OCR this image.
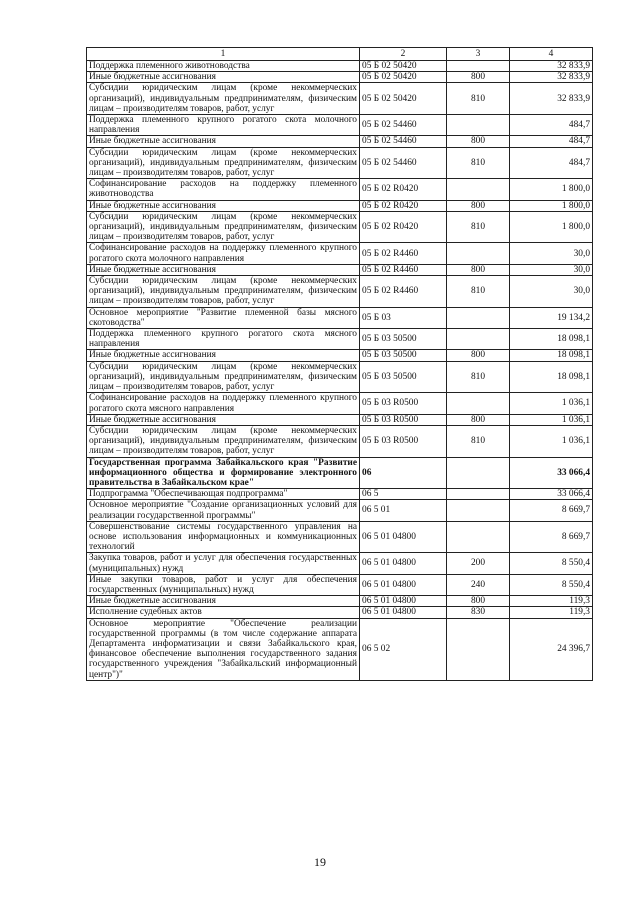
1	2	3	4
Поддержка племенного животноводства	05 Б 02 50420		32 833,9
Иные бюджетные ассигнования	05 Б 02 50420	800	32 833,9
Субсидии юридическим лицам (кроме некоммерческих организаций), индивидуальным предпринимателям, физическим лицам – производителям товаров, работ, услуг	05 Б 02 50420	810	32 833,9
Поддержка племенного крупного рогатого скота молочного направления	05 Б 02 54460		484,7
Иные бюджетные ассигнования	05 Б 02 54460	800	484,7
Субсидии юридическим лицам (кроме некоммерческих организаций), индивидуальным предпринимателям, физическим лицам – производителям товаров, работ, услуг	05 Б 02 54460	810	484,7
Софинансирование расходов на поддержку племенного животноводства	05 Б 02 R0420		1 800,0
Иные бюджетные ассигнования	05 Б 02 R0420	800	1 800,0
Субсидии юридическим лицам (кроме некоммерческих организаций), индивидуальным предпринимателям, физическим лицам – производителям товаров, работ, услуг	05 Б 02 R0420	810	1 800,0
Софинансирование расходов на поддержку племенного крупного рогатого скота молочного направления	05 Б 02 R4460		30,0
Иные бюджетные ассигнования	05 Б 02 R4460	800	30,0
Субсидии юридическим лицам (кроме некоммерческих организаций), индивидуальным предпринимателям, физическим лицам – производителям товаров, работ, услуг	05 Б 02 R4460	810	30,0
Основное мероприятие "Развитие племенной базы мясного скотоводства"	05 Б 03		19 134,2
Поддержка племенного крупного рогатого скота мясного направления	05 Б 03 50500		18 098,1
Иные бюджетные ассигнования	05 Б 03 50500	800	18 098,1
Субсидии юридическим лицам (кроме некоммерческих организаций), индивидуальным предпринимателям, физическим лицам – производителям товаров, работ, услуг	05 Б 03 50500	810	18 098,1
Софинансирование расходов на поддержку племенного крупного рогатого скота мясного направления	05 Б 03 R0500		1 036,1
Иные бюджетные ассигнования	05 Б 03 R0500	800	1 036,1
Субсидии юридическим лицам (кроме некоммерческих организаций), индивидуальным предпринимателям, физическим лицам – производителям товаров, работ, услуг	05 Б 03 R0500	810	1 036,1
Государственная программа Забайкальского края "Развитие информационного общества и формирование электронного правительства в Забайкальском крае"	06		33 066,4
Подпрограмма "Обеспечивающая подпрограмма"	06 5		33 066,4
Основное мероприятие "Создание организационных условий для реализации государственной программы"	06 5 01		8 669,7
Совершенствование системы государственного управления на основе использования информационных и коммуникационных технологий	06 5 01 04800		8 669,7
Закупка товаров, работ и услуг для обеспечения государственных (муниципальных) нужд	06 5 01 04800	200	8 550,4
Иные закупки товаров, работ и услуг для обеспечения государственных (муниципальных) нужд	06 5 01 04800	240	8 550,4
Иные бюджетные ассигнования	06 5 01 04800	800	119,3
Исполнение судебных актов	06 5 01 04800	830	119,3
Основное мероприятие "Обеспечение реализации государственной программы (в том числе содержание аппарата Департамента информатизации и связи Забайкальского края, финансовое обеспечение выполнения государственного задания государственного учреждения "Забайкальский информационный центр")"	06 5 02		24 396,7
19
